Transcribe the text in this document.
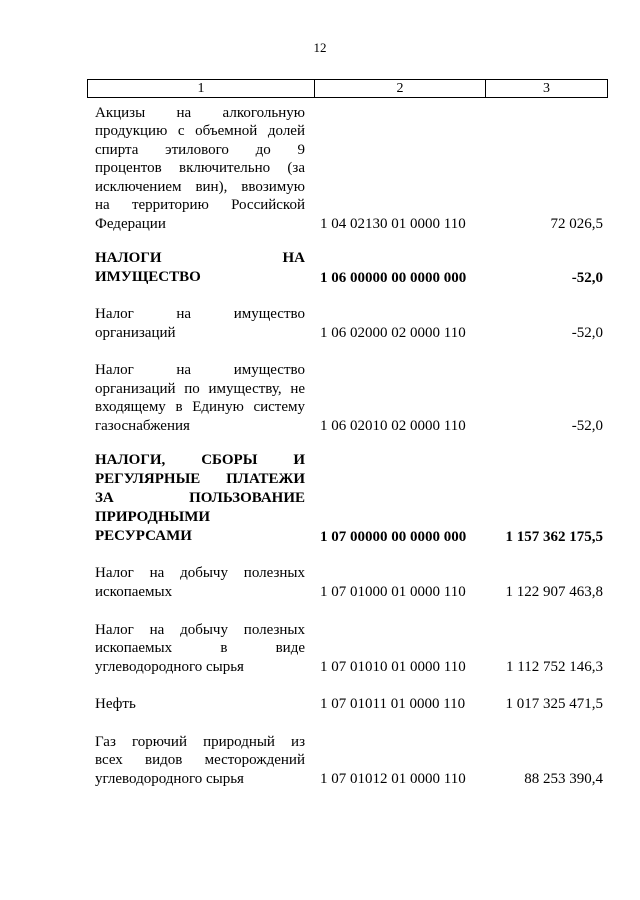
12
1	2	3
Акцизы на алкогольную
продукцию с объемной долей
спирта этилового до 9
процентов включительно (за
исключением вин), ввозимую
на территорию Российской
Федерации	1 04 02130 01 0000 110	72 026,5
НАЛОГИ НА
ИМУЩЕСТВО	1 06 00000 00 0000 000	-52,0
Налог на имущество
организаций	1 06 02000 02 0000 110	-52,0
Налог на имущество
организаций по имуществу, не
входящему в Единую систему
газоснабжения	1 06 02010 02 0000 110	-52,0
НАЛОГИ, СБОРЫ И
РЕГУЛЯРНЫЕ ПЛАТЕЖИ
ЗА ПОЛЬЗОВАНИЕ
ПРИРОДНЫМИ
РЕСУРСАМИ	1 07 00000 00 0000 000	1 157 362 175,5
Налог на добычу полезных
ископаемых	1 07 01000 01 0000 110	1 122 907 463,8
Налог на добычу полезных
ископаемых в виде
углеводородного сырья	1 07 01010 01 0000 110	1 112 752 146,3
Нефть	1 07 01011 01 0000 110	1 017 325 471,5
Газ горючий природный из
всех видов месторождений
углеводородного сырья	1 07 01012 01 0000 110	88 253 390,4
